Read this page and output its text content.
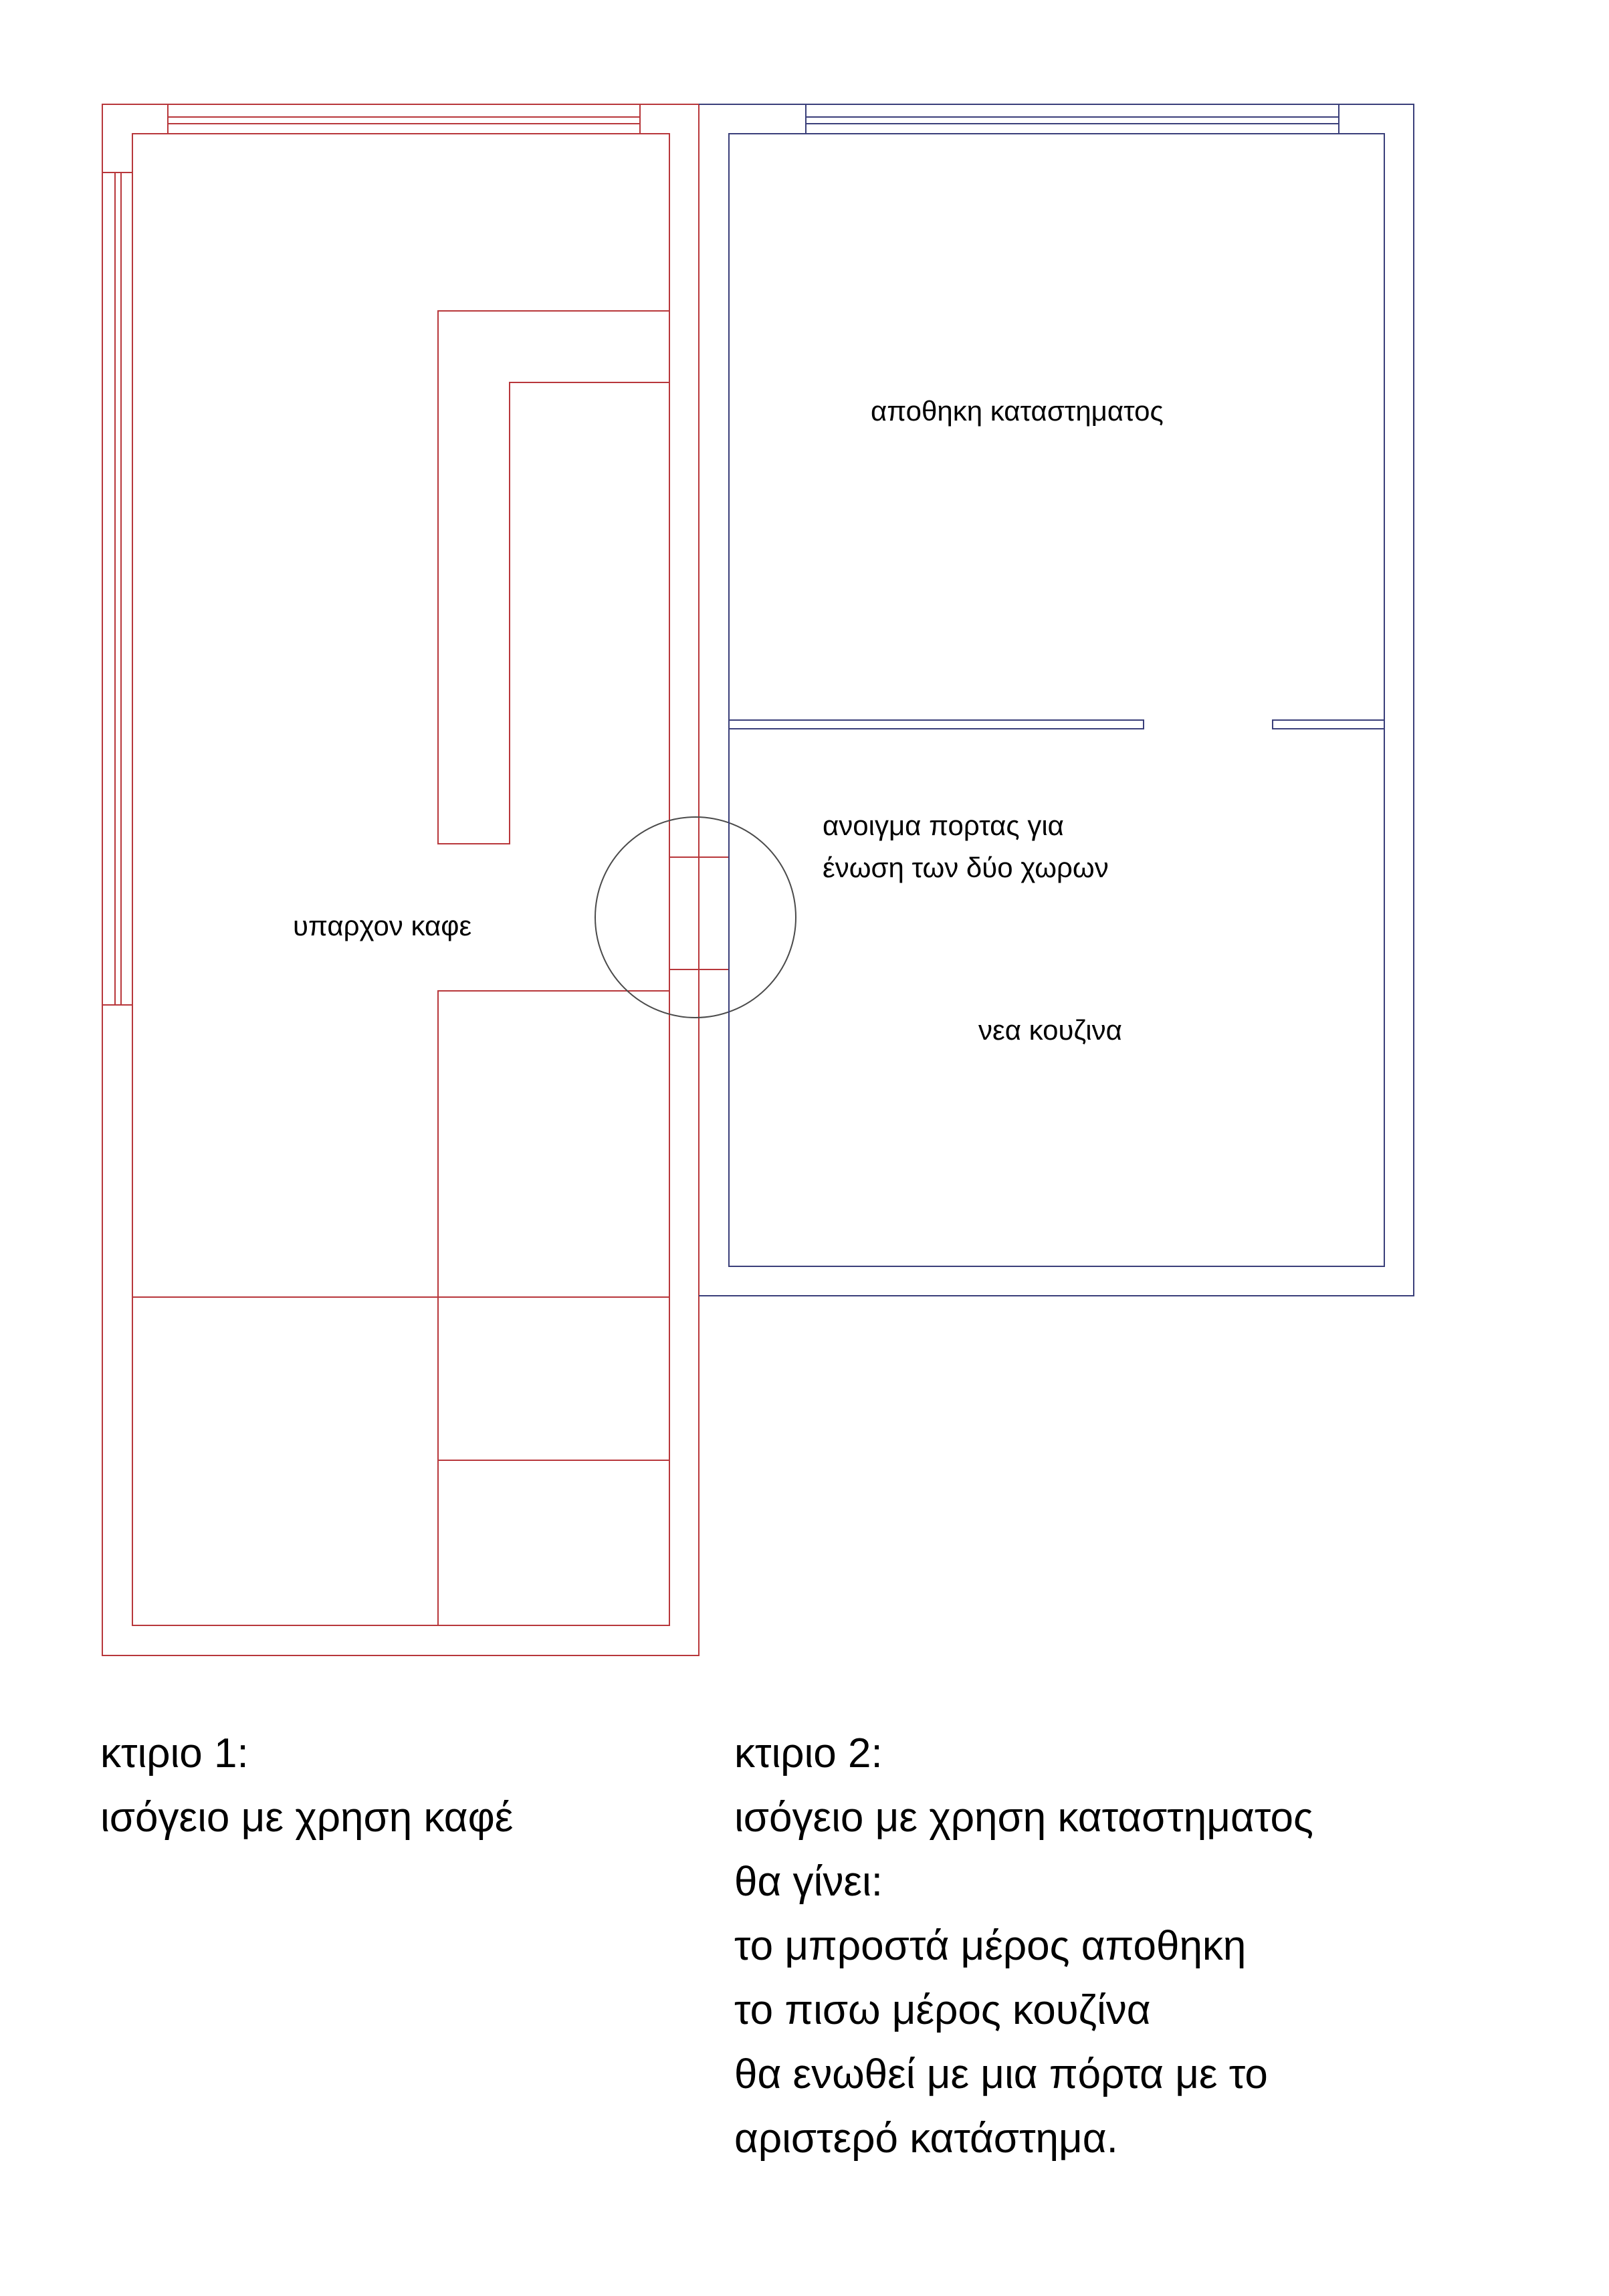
αποθηκη καταστηματος
ανοιγμα πορτας για
ένωση των δύο χωρων
υπαρχον καφε
νεα κουζινα
κτιριο 1:
ισόγειο με χρηση καφέ
κτιριο 2:
ισόγειο με χρηση καταστηματος
θα γίνει:
το μπροστά μέρος αποθηκη
το πισω μέρος κουζίνα
θα ενωθεί με μια πόρτα με το
αριστερό κατάστημα.
